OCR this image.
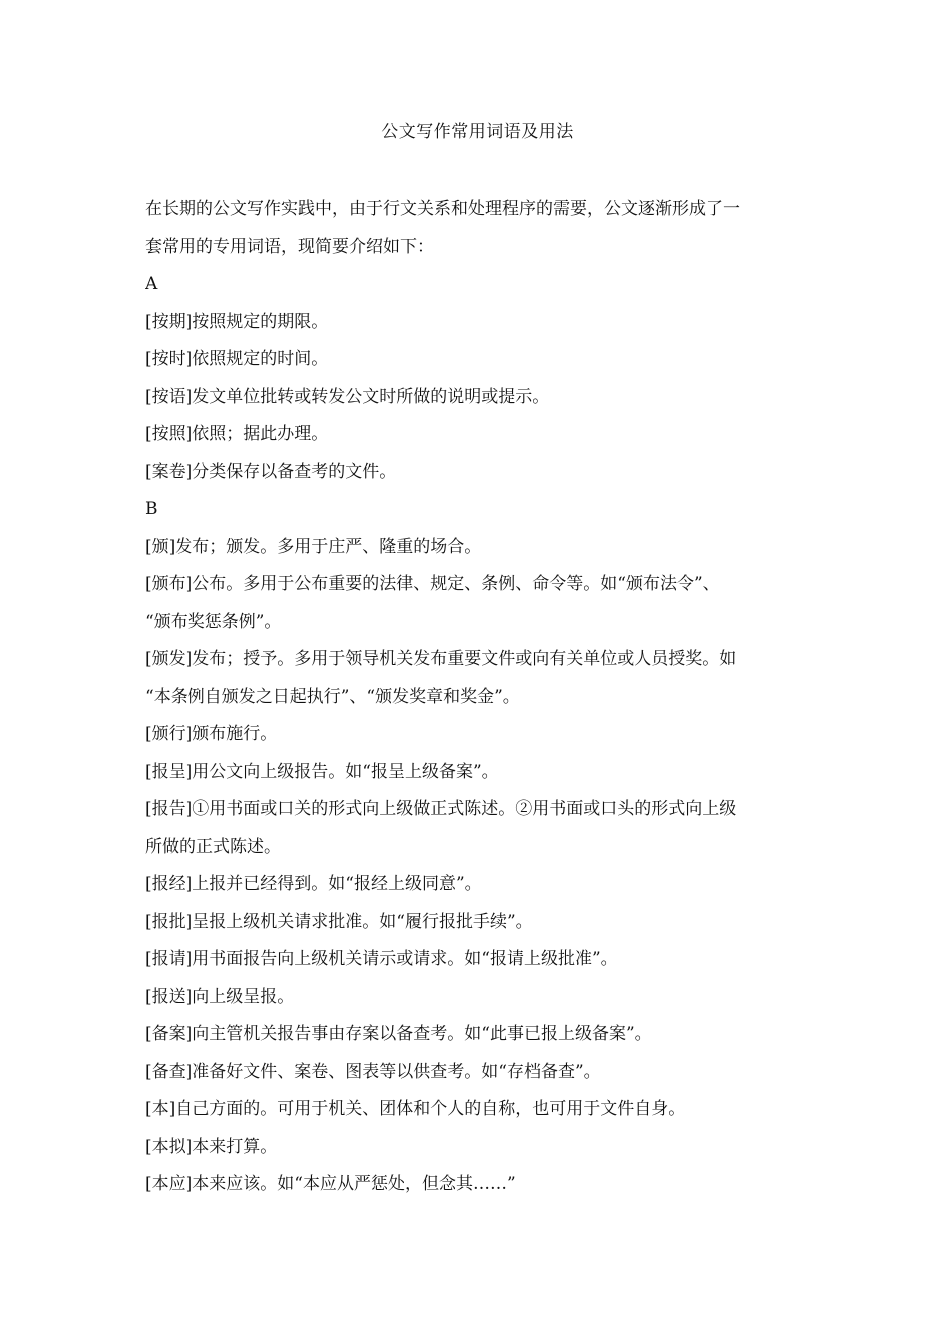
公文写作常用词语及用法
在长期的公文写作实践中，由于行文关系和处理程序的需要，公文逐渐形成了一
套常用的专用词语，现简要介绍如下：
A
[按期]按照规定的期限。
[按时]依照规定的时间。
[按语]发文单位批转或转发公文时所做的说明或提示。
[按照]依照；据此办理。
[案卷]分类保存以备查考的文件。
B
[颁]发布；颁发。多用于庄严、隆重的场合。
[颁布]公布。多用于公布重要的法律、规定、条例、命令等。如“颁布法令”、
“颁布奖惩条例”。
[颁发]发布；授予。多用于领导机关发布重要文件或向有关单位或人员授奖。如
“本条例自颁发之日起执行”、“颁发奖章和奖金”。
[颁行]颁布施行。
[报呈]用公文向上级报告。如“报呈上级备案”。
[报告]①用书面或口关的形式向上级做正式陈述。②用书面或口头的形式向上级
所做的正式陈述。
[报经]上报并已经得到。如“报经上级同意”。
[报批]呈报上级机关请求批准。如“履行报批手续”。
[报请]用书面报告向上级机关请示或请求。如“报请上级批准”。
[报送]向上级呈报。
[备案]向主管机关报告事由存案以备查考。如“此事已报上级备案”。
[备查]准备好文件、案卷、图表等以供查考。如“存档备查”。
[本]自己方面的。可用于机关、团体和个人的自称，也可用于文件自身。
[本拟]本来打算。
[本应]本来应该。如“本应从严惩处，但念其……”
